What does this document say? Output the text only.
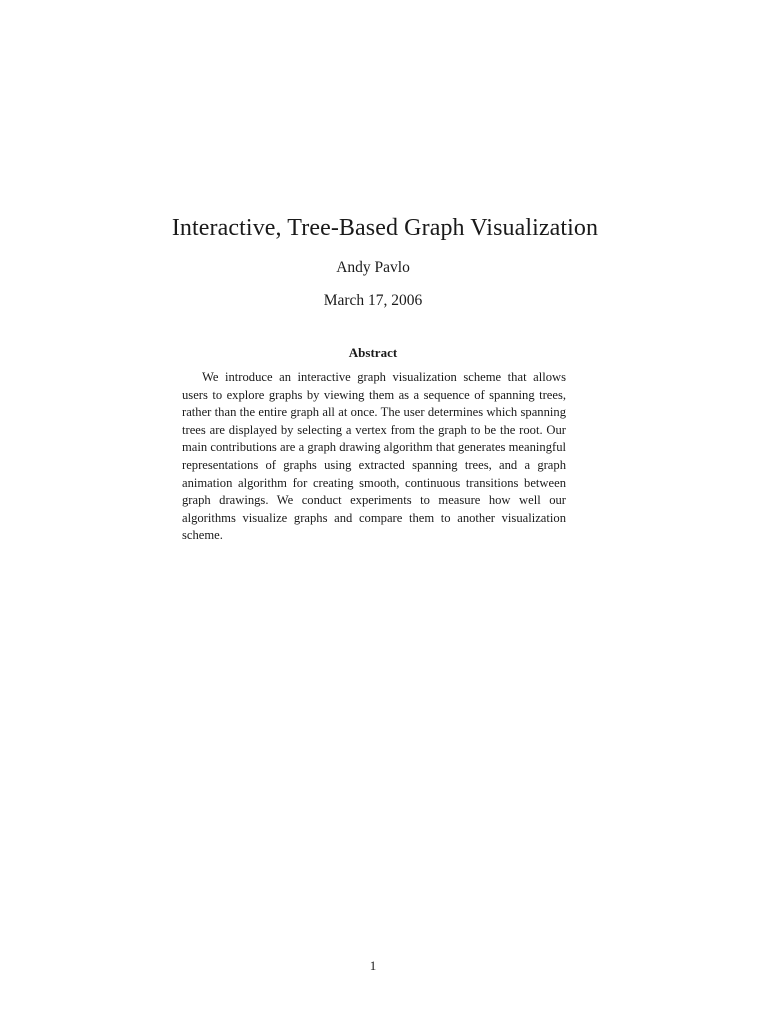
Interactive, Tree-Based Graph Visualization
Andy Pavlo
March 17, 2006
Abstract

We introduce an interactive graph visualization scheme that allows users to explore graphs by viewing them as a sequence of spanning trees, rather than the entire graph all at once. The user determines which spanning trees are displayed by selecting a vertex from the graph to be the root. Our main contributions are a graph drawing algorithm that generates meaningful representations of graphs using extracted spanning trees, and a graph animation algorithm for creating smooth, continuous transitions between graph drawings. We conduct experiments to measure how well our algorithms visualize graphs and compare them to another visualization scheme.

1
